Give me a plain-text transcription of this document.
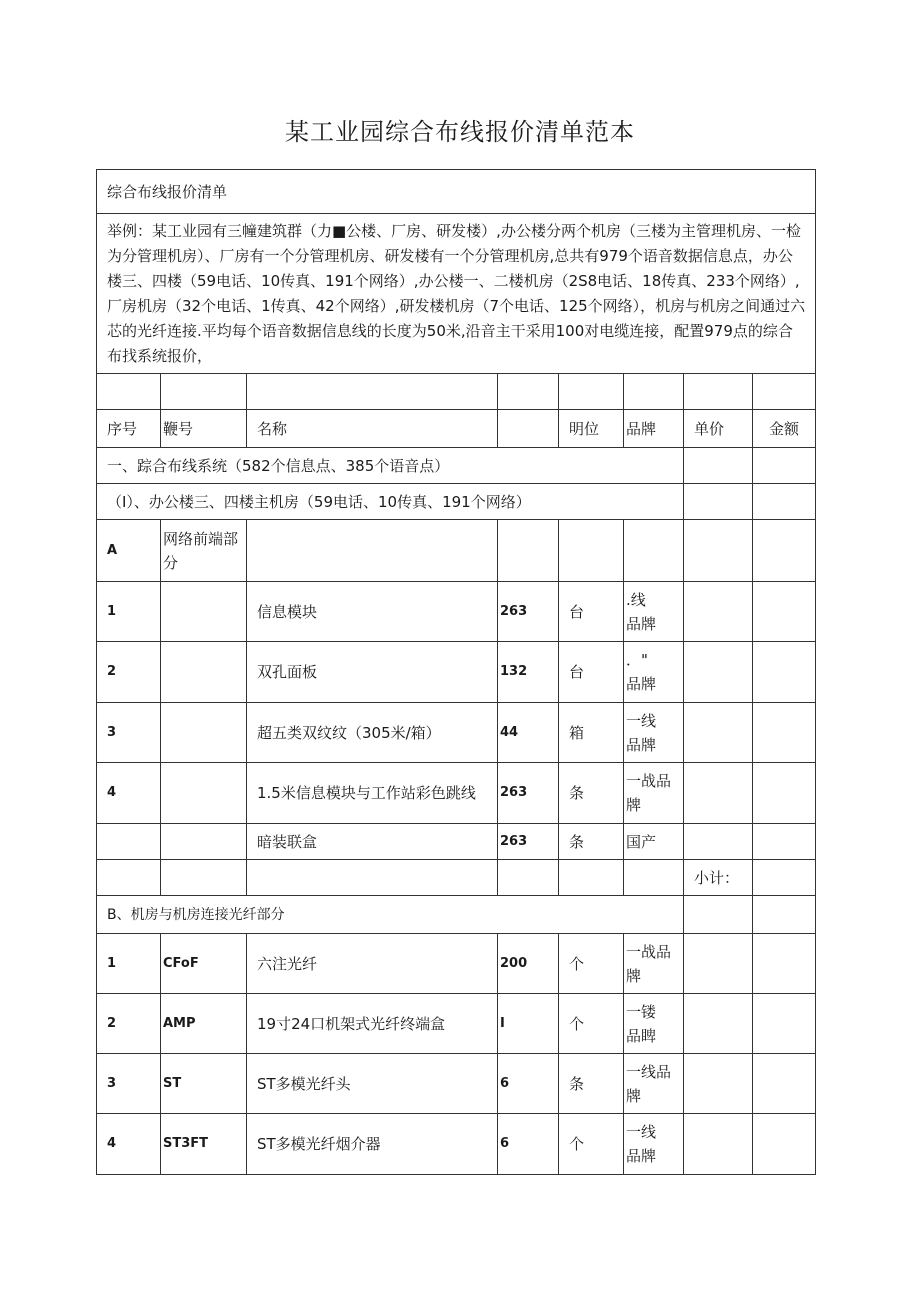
某工业园综合布线报价清单范本
综合布线报价清单							
举例：某工业园有三幢建筑群（力■公楼、厂房、研发楼）,办公楼分两个机房（三楼为主管理机房、一检为分管理机房）、厂房有一个分管理机房、研发楼有一个分管理机房,总共有979个语音数据信息点，办公楼三、四楼（59电话、10传真、191个网络）,办公楼一、二楼机房（2S8电话、18传真、233个网络）,厂房机房（32个电话、1传真、42个网络）,研发楼机房（7个电话、125个网络），机房与机房之间通过六芯的光纤连接.平均每个语音数据信息线的长度为50米,沿音主干采用100对电缆连接，配置979点的综合布找系统报价，							

序号	鞭号	名称		明位	品牌	单价	金额
一、踪合布线系统（582个信息点、385个语音点）							
（I）、办公楼三、四楼主机房（59电话、10传真、191个网络）							
A	网络前端部分						
1		信息模块	263	台	.线
品牌		
2		双孔面板	132	台	．"
品牌		
3		超五类双纹纹（305米/箱）	44	箱	一线
品牌		
4		1.5米信息模块与工作站彩色跳线	263	条	一战品
牌		
		暗装联盒	263	条	国产		
						小计：	
B、机房与机房连接光纤部分							
1	CFoF	六注光纤	200	个	一战品
牌		
2	AMP	19寸24口机架式光纤终端盒	I	个	一镂
品睥		
3	ST	ST多模光纤头	6	条	一线品
牌		
4	ST3FT	ST多模光纤烟介器	6	个	一线
品牌		
